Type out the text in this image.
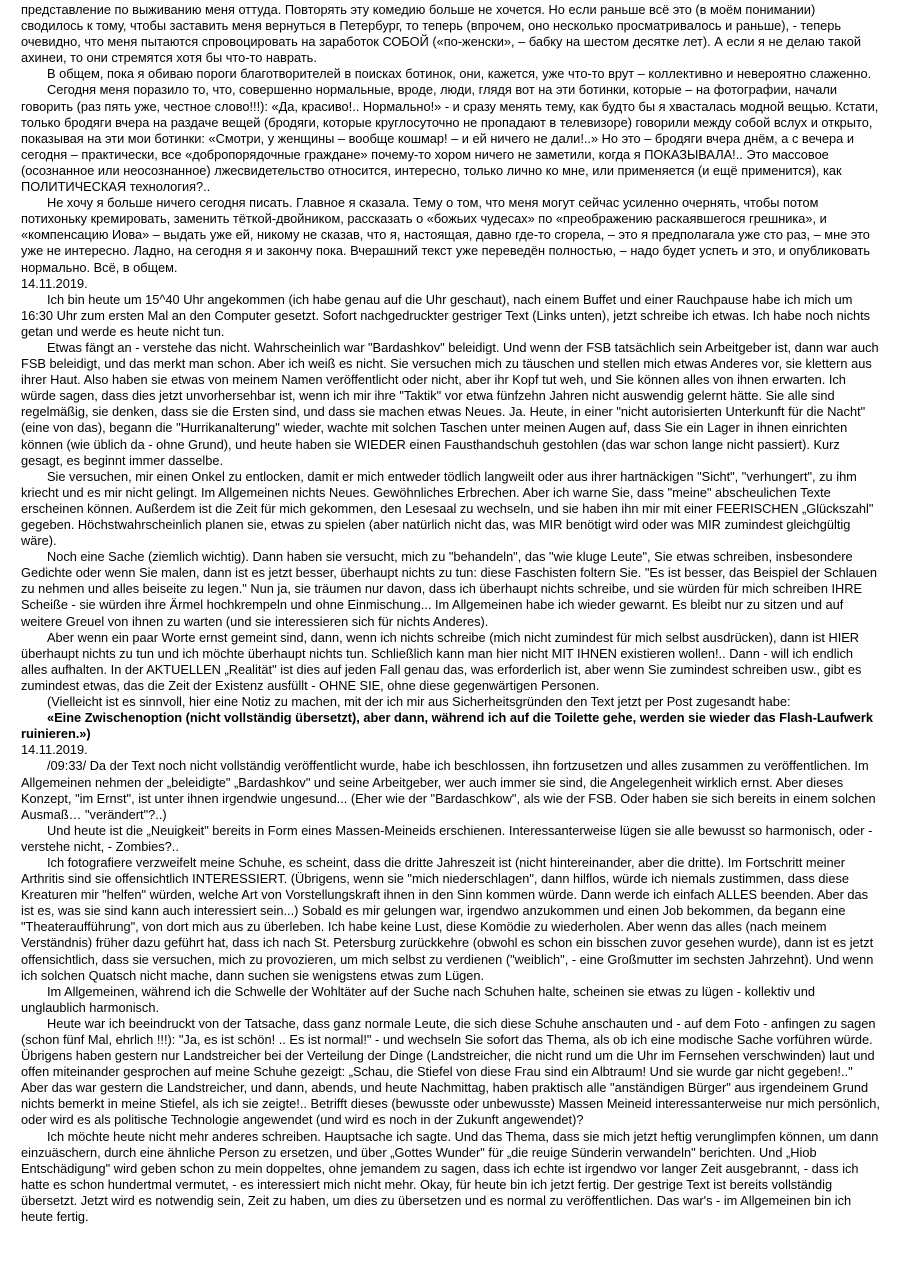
представление по выживанию меня оттуда. Повторять эту комедию больше не хочется. Но если раньше всё это (в моём понимании) сводилось к тому, чтобы заставить меня вернуться в Петербург, то теперь (впрочем, оно несколько просматривалось и раньше), - теперь очевидно, что меня пытаются спровоцировать на заработок СОБОЙ («по-женски», – бабку на шестом десятке лет). А если я не делаю такой ахинеи, то они стремятся хотя бы что-то наврать.

В общем, пока я обиваю пороги благотворителей в поисках ботинок, они, кажется, уже что-то врут – коллективно и невероятно слаженно.

Сегодня меня поразило то, что, совершенно нормальные, вроде, люди, глядя вот на эти ботинки, которые – на фотографии, начали говорить (раз пять уже, честное слово!!!): «Да, красиво!.. Нормально!» - и сразу менять тему, как будто бы я хвасталась модной вещью. Кстати, только бродяги вчера на раздаче вещей (бродяги, которые круглосуточно не пропадают в телевизоре) говорили между собой вслух и открыто, показывая на эти мои ботинки: «Смотри, у женщины – вообще кошмар! – и ей ничего не дали!..» Но это – бродяги вчера днём, а с вечера и сегодня – практически, все «добропорядочные граждане» почему-то хором ничего не заметили, когда я ПОКАЗЫВАЛА!.. Это массовое (осознанное или неосознанное) лжесвидетельство относится, интересно, только лично ко мне, или применяется (и ещё применится), как ПОЛИТИЧЕСКАЯ технология?..

Не хочу я больше ничего сегодня писать. Главное я сказала. Тему о том, что меня могут сейчас усиленно очернять, чтобы потом потихоньку кремировать, заменить тёткой-двойником, рассказать о «божьих чудесах» по «преображению раскаявшегося грешника», и «компенсацию Иова» – выдать уже ей, никому не сказав, что я, настоящая, давно где-то сгорела, – это я предполагала уже сто раз, – мне это уже не интересно. Ладно, на сегодня я и закончу пока. Вчерашний текст уже переведён полностью, – надо будет успеть и это, и опубликовать нормально. Всё, в общем.

14.11.2019.

Ich bin heute um 15^40 Uhr angekommen (ich habe genau auf die Uhr geschaut), nach einem Buffet und einer Rauchpause habe ich mich um 16:30 Uhr zum ersten Mal an den Computer gesetzt. Sofort nachgedruckter gestriger Text (Links unten), jetzt schreibe ich etwas. Ich habe noch nichts getan und werde es heute nicht tun.

Etwas fängt an - verstehe das nicht. Wahrscheinlich war "Bardashkov" beleidigt. Und wenn der FSB tatsächlich sein Arbeitgeber ist, dann war auch FSB beleidigt, und das merkt man schon. Aber ich weiß es nicht. Sie versuchen mich zu täuschen und stellen mich etwas Anderes vor, sie klettern aus ihrer Haut. Also haben sie etwas von meinem Namen veröffentlicht oder nicht, aber ihr Kopf tut weh, und Sie können alles von ihnen erwarten. Ich würde sagen, dass dies jetzt unvorhersehbar ist, wenn ich mir ihre "Taktik" vor etwa fünfzehn Jahren nicht auswendig gelernt hätte. Sie alle sind regelmäßig, sie denken, dass sie die Ersten sind, und dass sie machen etwas Neues. Ja. Heute, in einer "nicht autorisierten Unterkunft für die Nacht" (eine von das), begann die "Hurrikanalterung" wieder, wachte mit solchen Taschen unter meinen Augen auf, dass Sie ein Lager in ihnen einrichten können (wie üblich da - ohne Grund), und heute haben sie WIEDER einen Fausthandschuh gestohlen (das war schon lange nicht passiert). Kurz gesagt, es beginnt immer dasselbe.

Sie versuchen, mir einen Onkel zu entlocken, damit er mich entweder tödlich langweilt oder aus ihrer hartnäckigen "Sicht", "verhungert", zu ihm kriecht und es mir nicht gelingt. Im Allgemeinen nichts Neues. Gewöhnliches Erbrechen. Aber ich warne Sie, dass "meine" abscheulichen Texte erscheinen können. Außerdem ist die Zeit für mich gekommen, den Lesesaal zu wechseln, und sie haben ihn mir mit einer FEERISCHEN „Glückszahl" gegeben. Höchstwahrscheinlich planen sie, etwas zu spielen (aber natürlich nicht das, was MIR benötigt wird oder was MIR zumindest gleichgültig wäre).

Noch eine Sache (ziemlich wichtig). Dann haben sie versucht, mich zu "behandeln", das "wie kluge Leute", Sie etwas schreiben, insbesondere Gedichte oder wenn Sie malen, dann ist es jetzt besser, überhaupt nichts zu tun: diese Faschisten foltern Sie. "Es ist besser, das Beispiel der Schlauen zu nehmen und alles beiseite zu legen." Nun ja, sie träumen nur davon, dass ich überhaupt nichts schreibe, und sie würden für mich schreiben IHRE Scheiße - sie würden ihre Ärmel hochkrempeln und ohne Einmischung... Im Allgemeinen habe ich wieder gewarnt. Es bleibt nur zu sitzen und auf weitere Greuel von ihnen zu warten (und sie interessieren sich für nichts Anderes).

Aber wenn ein paar Worte ernst gemeint sind, dann, wenn ich nichts schreibe (mich nicht zumindest für mich selbst ausdrücken), dann ist HIER überhaupt nichts zu tun und ich möchte überhaupt nichts tun. Schließlich kann man hier nicht MIT IHNEN existieren wollen!.. Dann - will ich endlich alles aufhalten. In der AKTUELLEN „Realität" ist dies auf jeden Fall genau das, was erforderlich ist, aber wenn Sie zumindest schreiben usw., gibt es zumindest etwas, das die Zeit der Existenz ausfüllt - OHNE SIE, ohne diese gegenwärtigen Personen.

(Vielleicht ist es sinnvoll, hier eine Notiz zu machen, mit der ich mir aus Sicherheitsgründen den Text jetzt per Post zugesandt habe:

«Eine Zwischenoption (nicht vollständig übersetzt), aber dann, während ich auf die Toilette gehe, werden sie wieder das Flash-Laufwerk ruinieren.»)

14.11.2019.

/09:33/ Da der Text noch nicht vollständig veröffentlicht wurde, habe ich beschlossen, ihn fortzusetzen und alles zusammen zu veröffentlichen. Im Allgemeinen nehmen der „beleidigte" „Bardashkov" und seine Arbeitgeber, wer auch immer sie sind, die Angelegenheit wirklich ernst. Aber dieses Konzept, "im Ernst", ist unter ihnen irgendwie ungesund... (Eher wie der "Bardaschkow", als wie der FSB. Oder haben sie sich bereits in einem solchen Ausmaß… "verändert"?..)

Und heute ist die „Neuigkeit" bereits in Form eines Massen-Meineids erschienen. Interessanterweise lügen sie alle bewusst so harmonisch, oder - verstehe nicht, - Zombies?..

Ich fotografiere verzweifelt meine Schuhe, es scheint, dass die dritte Jahreszeit ist (nicht hintereinander, aber die dritte). Im Fortschritt meiner Arthritis sind sie offensichtlich INTERESSIERT. (Übrigens, wenn sie "mich niederschlagen", dann hilflos, würde ich niemals zustimmen, dass diese Kreaturen mir "helfen" würden, welche Art von Vorstellungskraft ihnen in den Sinn kommen würde. Dann werde ich einfach ALLES beenden. Aber das ist es, was sie sind kann auch interessiert sein...) Sobald es mir gelungen war, irgendwo anzukommen und einen Job bekommen, da begann eine "Theateraufführung", von dort mich aus zu überleben. Ich habe keine Lust, diese Komödie zu wiederholen. Aber wenn das alles (nach meinem Verständnis) früher dazu geführt hat, dass ich nach St. Petersburg zurückkehre (obwohl es schon ein bisschen zuvor gesehen wurde), dann ist es jetzt offensichtlich, dass sie versuchen, mich zu provozieren, um mich selbst zu verdienen ("weiblich", - eine Großmutter im sechsten Jahrzehnt). Und wenn ich solchen Quatsch nicht mache, dann suchen sie wenigstens etwas zum Lügen.

Im Allgemeinen, während ich die Schwelle der Wohltäter auf der Suche nach Schuhen halte, scheinen sie etwas zu lügen - kollektiv und unglaublich harmonisch.

Heute war ich beeindruckt von der Tatsache, dass ganz normale Leute, die sich diese Schuhe anschauten und - auf dem Foto - anfingen zu sagen (schon fünf Mal, ehrlich !!!): "Ja, es ist schön! .. Es ist normal!" - und wechseln Sie sofort das Thema, als ob ich eine modische Sache vorführen würde. Übrigens haben gestern nur Landstreicher bei der Verteilung der Dinge (Landstreicher, die nicht rund um die Uhr im Fernsehen verschwinden) laut und offen miteinander gesprochen auf meine Schuhe gezeigt: „Schau, die Stiefel von diese Frau sind ein Albtraum! Und sie wurde gar nicht gegeben!.." Aber das war gestern die Landstreicher, und dann, abends, und heute Nachmittag, haben praktisch alle "anständigen Bürger" aus irgendeinem Grund nichts bemerkt in meine Stiefel, als ich sie zeigte!.. Betrifft dieses (bewusste oder unbewusste) Massen Meineid interessanterweise nur mich persönlich, oder wird es als politische Technologie angewendet (und wird es noch in der Zukunft angewendet)?

Ich möchte heute nicht mehr anderes schreiben. Hauptsache ich sagte. Und das Thema, dass sie mich jetzt heftig verunglimpfen können, um dann einzuäschern, durch eine ähnliche Person zu ersetzen, und über „Gottes Wunder" für „die reuige Sünderin verwandeln" berichten. Und „Hiob Entschädigung" wird geben schon zu mein doppeltes, ohne jemandem zu sagen, dass ich echte ist irgendwo vor langer Zeit ausgebrannt, - dass ich hatte es schon hundertmal vermutet, - es interessiert mich nicht mehr. Okay, für heute bin ich jetzt fertig. Der gestrige Text ist bereits vollständig übersetzt. Jetzt wird es notwendig sein, Zeit zu haben, um dies zu übersetzen und es normal zu veröffentlichen. Das war's - im Allgemeinen bin ich heute fertig.
